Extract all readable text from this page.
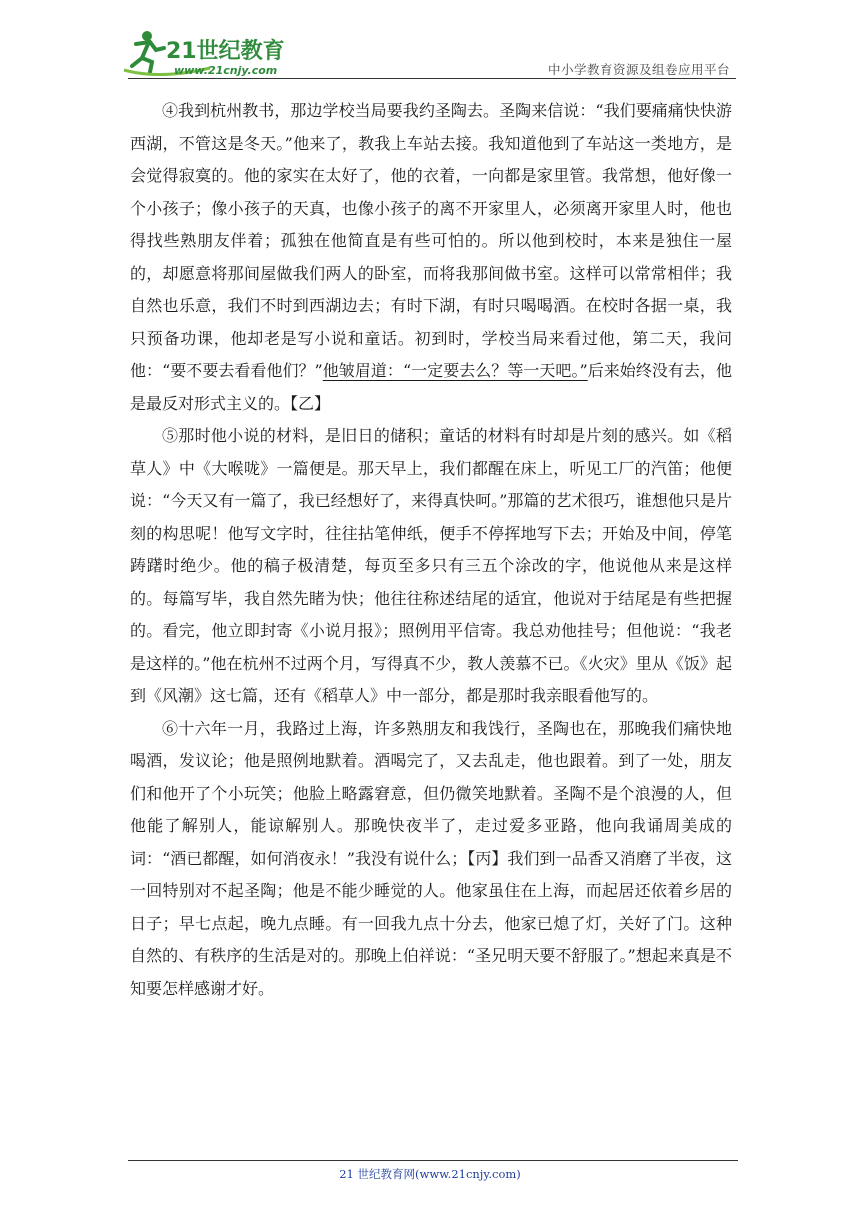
21世纪教育
www.21cnjy.com	中小学教育资源及组卷应用平台

④我到杭州教书，那边学校当局要我约圣陶去。圣陶来信说：“我们要痛痛快快游西湖，不管这是冬天。”他来了，教我上车站去接。我知道他到了车站这一类地方，是会觉得寂寞的。他的家实在太好了，他的衣着，一向都是家里管。我常想，他好像一个小孩子；像小孩子的天真，也像小孩子的离不开家里人，必须离开家里人时，他也得找些熟朋友伴着；孤独在他简直是有些可怕的。所以他到校时，本来是独住一屋的，却愿意将那间屋做我们两人的卧室，而将我那间做书室。这样可以常常相伴；我自然也乐意，我们不时到西湖边去；有时下湖，有时只喝喝酒。在校时各据一桌，我只预备功课，他却老是写小说和童话。初到时，学校当局来看过他，第二天，我问他：“要不要去看看他们？”他皱眉道：“一定要去么？等一天吧。”后来始终没有去，他是最反对形式主义的。【乙】

⑤那时他小说的材料，是旧日的储积；童话的材料有时却是片刻的感兴。如《稻草人》中《大喉咙》一篇便是。那天早上，我们都醒在床上，听见工厂的汽笛；他便说：“今天又有一篇了，我已经想好了，来得真快呵。”那篇的艺术很巧，谁想他只是片刻的构思呢！他写文字时，往往拈笔伸纸，便手不停挥地写下去；开始及中间，停笔踌躇时绝少。他的稿子极清楚，每页至多只有三五个涂改的字，他说他从来是这样的。每篇写毕，我自然先睹为快；他往往称述结尾的适宜，他说对于结尾是有些把握的。看完，他立即封寄《小说月报》；照例用平信寄。我总劝他挂号；但他说：“我老是这样的。”他在杭州不过两个月，写得真不少，教人羡慕不已。《火灾》里从《饭》起到《风潮》这七篇，还有《稻草人》中一部分，都是那时我亲眼看他写的。

⑥十六年一月，我路过上海，许多熟朋友和我饯行，圣陶也在，那晚我们痛快地喝酒，发议论；他是照例地默着。酒喝完了，又去乱走，他也跟着。到了一处，朋友们和他开了个小玩笑；他脸上略露窘意，但仍微笑地默着。圣陶不是个浪漫的人，但他能了解别人，能谅解别人。那晚快夜半了，走过爱多亚路，他向我诵周美成的词：“酒已都醒，如何消夜永！”我没有说什么；【丙】我们到一品香又消磨了半夜，这一回特别对不起圣陶；他是不能少睡觉的人。他家虽住在上海，而起居还依着乡居的日子；早七点起，晚九点睡。有一回我九点十分去，他家已熄了灯，关好了门。这种自然的、有秩序的生活是对的。那晚上伯祥说：“圣兄明天要不舒服了。”想起来真是不知要怎样感谢才好。

21 世纪教育网(www.21cnjy.com)
